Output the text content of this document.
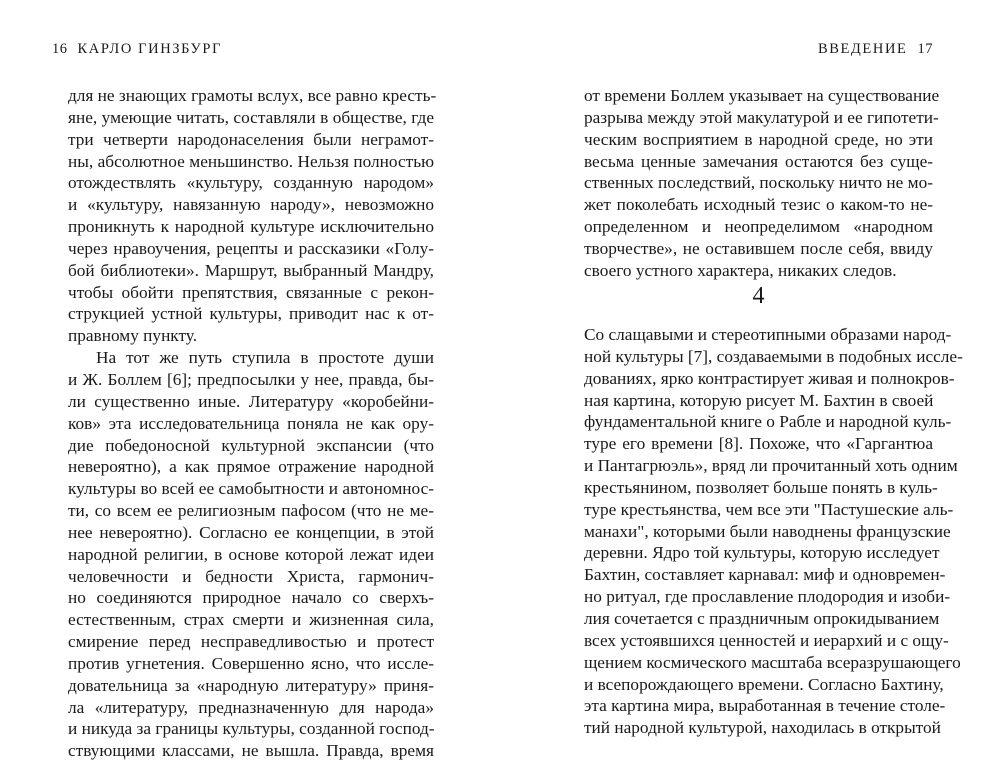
16 КАРЛО ГИНЗБУРГ
для не знающих грамоты вслух, все равно кресть-
яне, умеющие читать, составляли в обществе, где
три четверти народонаселения были неграмот-
ны, абсолютное меньшинство. Нельзя полностью
отождествлять «культуру, созданную народом»
и «культуру, навязанную народу», невозможно
проникнуть к народной культуре исключительно
через нравоучения, рецепты и рассказики «Голу-
бой библиотеки». Маршрут, выбранный Мандру,
чтобы обойти препятствия, связанные с рекон-
струкцией устной культуры, приводит нас к от-
правному пункту.
На тот же путь ступила в простоте души
и Ж. Боллем [6]; предпосылки у нее, правда, бы-
ли существенно иные. Литературу «коробейни-
ков» эта исследовательница поняла не как ору-
дие победоносной культурной экспансии (что
невероятно), а как прямое отражение народной
культуры во всей ее самобытности и автономнос-
ти, со всем ее религиозным пафосом (что не ме-
нее невероятно). Согласно ее концепции, в этой
народной религии, в основе которой лежат идеи
человечности и бедности Христа, гармонич-
но соединяются природное начало со сверхъ-
естественным, страх смерти и жизненная сила,
смирение перед несправедливостью и протест
против угнетения. Совершенно ясно, что иссле-
довательница за «народную литературу» приня-
ла «литературу, предназначенную для народа»
и никуда за границы культуры, созданной господ-
ствующими классами, не вышла. Правда, время
ВВЕДЕНИЕ 17
от времени Боллем указывает на существование
разрыва между этой макулатурой и ее гипотети-
ческим восприятием в народной среде, но эти
весьма ценные замечания остаются без суще-
ственных последствий, поскольку ничто не мо-
жет поколебать исходный тезис о каком-то не-
определенном и неопределимом «народном
творчестве», не оставившем после себя, ввиду
своего устного характера, никаких следов.
4
Со слащавыми и стереотипными образами народ-
ной культуры [7], создаваемыми в подобных иссле-
дованиях, ярко контрастирует живая и полнокров-
ная картина, которую рисует М. Бахтин в своей
фундаментальной книге о Рабле и народной куль-
туре его времени [8]. Похоже, что «Гаргантюа
и Пантагрюэль», вряд ли прочитанный хоть одним
крестьянином, позволяет больше понять в куль-
туре крестьянства, чем все эти "Пастушеские аль-
манахи", которыми были наводнены французские
деревни. Ядро той культуры, которую исследует
Бахтин, составляет карнавал: миф и одновремен-
но ритуал, где прославление плодородия и изоби-
лия сочетается с праздничным опрокидыванием
всех устоявшихся ценностей и иерархий и с ощу-
щением космического масштаба всеразрушающего
и всепорождающего времени. Согласно Бахтину,
эта картина мира, выработанная в течение столе-
тий народной культурой, находилась в открытой
